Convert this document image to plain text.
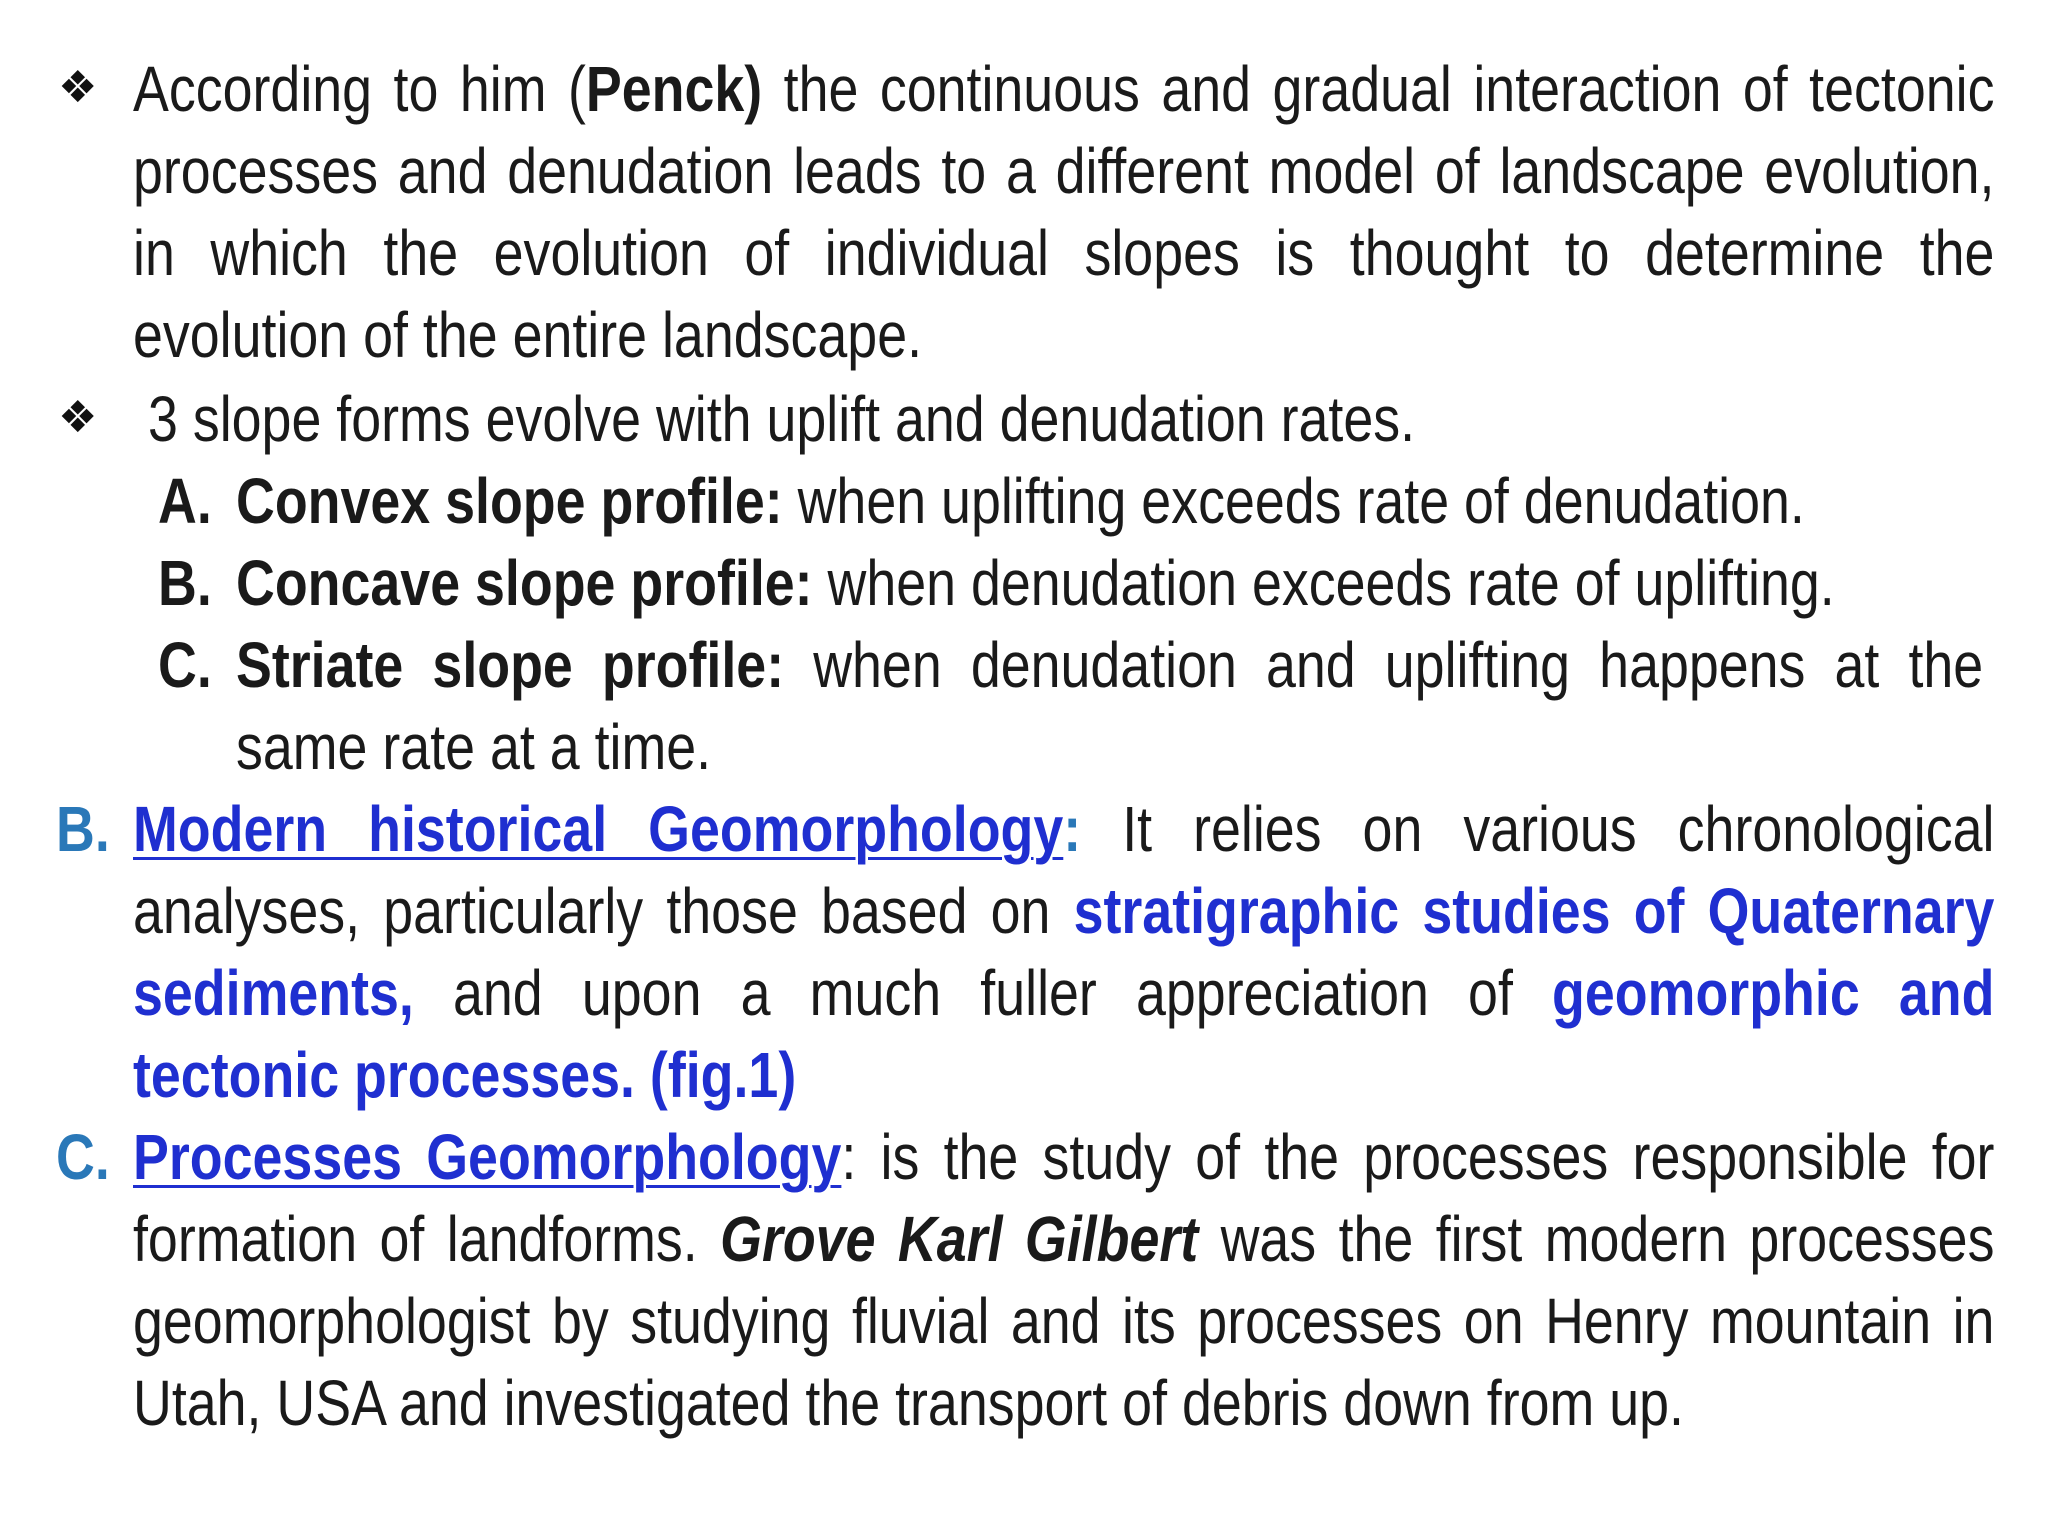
❖ According to him (Penck) the continuous and gradual interaction of tectonic processes and denudation leads to a different model of landscape evolution, in which the evolution of individual slopes is thought to determine the evolution of the entire landscape.
❖ 3 slope forms evolve with uplift and denudation rates.
A. Convex slope profile: when uplifting exceeds rate of denudation.
B. Concave slope profile: when denudation exceeds rate of uplifting.
C. Striate slope profile: when denudation and uplifting happens at the same rate at a time.
B. Modern historical Geomorphology: It relies on various chronological analyses, particularly those based on stratigraphic studies of Quaternary sediments, and upon a much fuller appreciation of geomorphic and tectonic processes. (fig.1)
C. Processes Geomorphology: is the study of the processes responsible for formation of landforms. Grove Karl Gilbert was the first modern processes geomorphologist by studying fluvial and its processes on Henry mountain in Utah, USA and investigated the transport of debris down from up.
